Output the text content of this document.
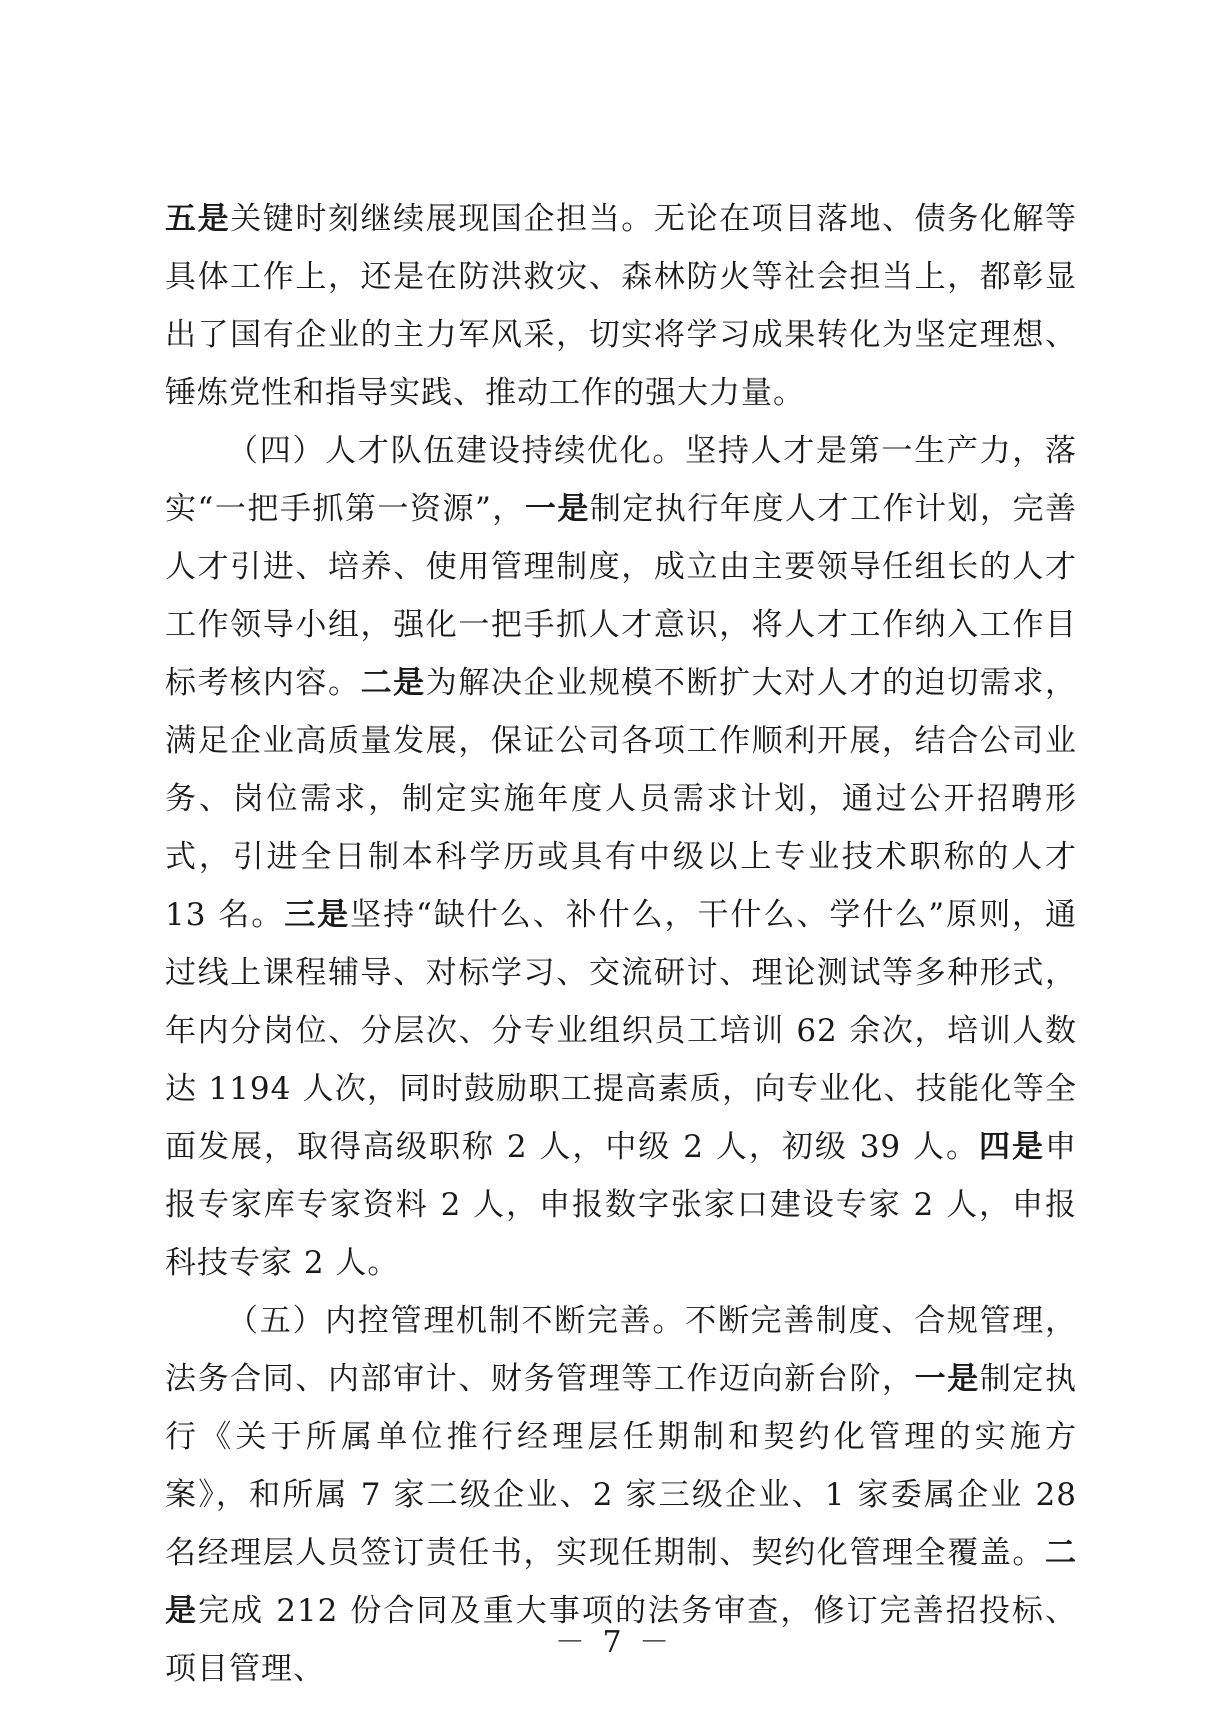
五是关键时刻继续展现国企担当。无论在项目落地、债务化解等具体工作上，还是在防洪救灾、森林防火等社会担当上，都彰显出了国有企业的主力军风采，切实将学习成果转化为坚定理想、锤炼党性和指导实践、推动工作的强大力量。

（四）人才队伍建设持续优化。坚持人才是第一生产力，落实“一把手抓第一资源”，一是制定执行年度人才工作计划，完善人才引进、培养、使用管理制度，成立由主要领导任组长的人才工作领导小组，强化一把手抓人才意识，将人才工作纳入工作目标考核内容。二是为解决企业规模不断扩大对人才的迫切需求，满足企业高质量发展，保证公司各项工作顺利开展，结合公司业务、岗位需求，制定实施年度人员需求计划，通过公开招聘形式，引进全日制本科学历或具有中级以上专业技术职称的人才 13 名。三是坚持“缺什么、补什么，干什么、学什么”原则，通过线上课程辅导、对标学习、交流研讨、理论测试等多种形式，年内分岗位、分层次、分专业组织员工培训 62 余次，培训人数达 1194 人次，同时鼓励职工提高素质，向专业化、技能化等全面发展，取得高级职称 2 人，中级 2 人，初级 39 人。四是申报专家库专家资料 2 人，申报数字张家口建设专家 2 人，申报科技专家 2 人。

（五）内控管理机制不断完善。不断完善制度、合规管理，法务合同、内部审计、财务管理等工作迈向新台阶，一是制定执行《关于所属单位推行经理层任期制和契约化管理的实施方案》，和所属 7 家二级企业、2 家三级企业、1 家委属企业 28 名经理层人员签订责任书，实现任期制、契约化管理全覆盖。二是完成 212 份合同及重大事项的法务审查，修订完善招投标、项目管理、

－ 7 －
